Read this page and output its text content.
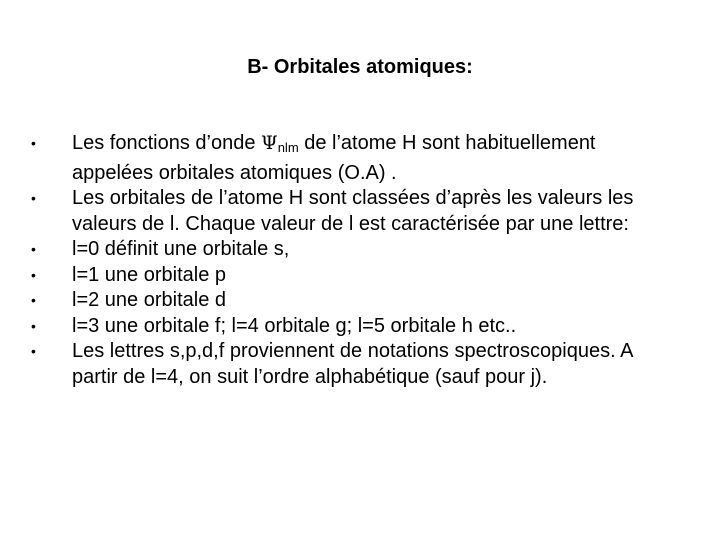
B- Orbitales atomiques:
• Les fonctions d’onde $\Psi_{nlm}$ de l’atome H sont habituellement appelées orbitales atomiques (O.A) .
• Les orbitales de l’atome H sont classées d’après les valeurs les valeurs de l. Chaque valeur de l est caractérisée par une lettre:
• l=0 définit une orbitale s,
• l=1 une orbitale p
• l=2 une orbitale d
• l=3 une orbitale f; l=4 orbitale g; l=5 orbitale h etc..
• Les lettres s,p,d,f proviennent de notations spectroscopiques. A partir de l=4, on suit l’ordre alphabétique (sauf pour j).
